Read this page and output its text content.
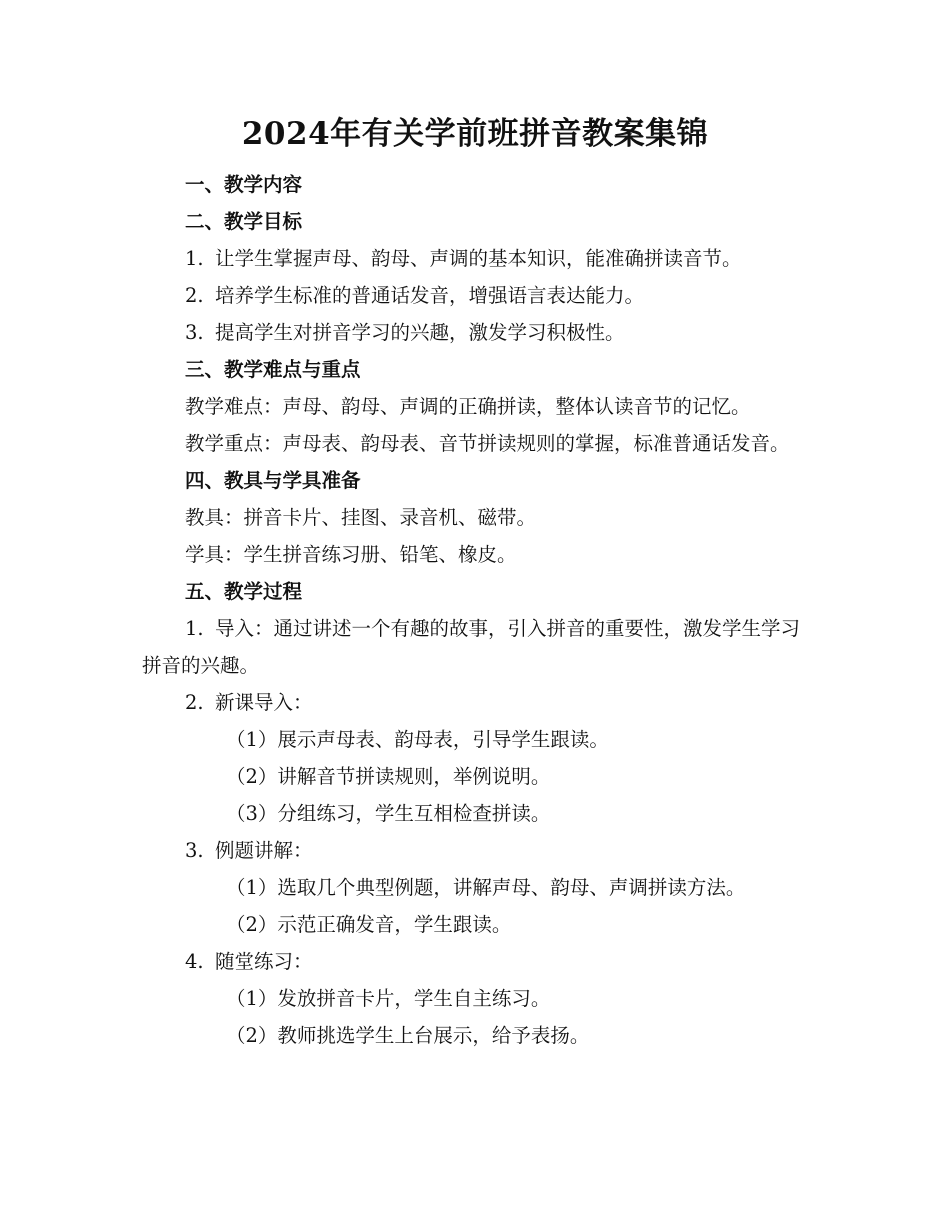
2024年有关学前班拼音教案集锦

一、教学内容

二、教学目标

1. 让学生掌握声母、韵母、声调的基本知识，能准确拼读音节。

2. 培养学生标准的普通话发音，增强语言表达能力。

3. 提高学生对拼音学习的兴趣，激发学习积极性。

三、教学难点与重点

教学难点：声母、韵母、声调的正确拼读，整体认读音节的记忆。

教学重点：声母表、韵母表、音节拼读规则的掌握，标准普通话发音。

四、教具与学具准备

教具：拼音卡片、挂图、录音机、磁带。

学具：学生拼音练习册、铅笔、橡皮。

五、教学过程

1. 导入：通过讲述一个有趣的故事，引入拼音的重要性，激发学生学习拼音的兴趣。

2. 新课导入：

（1）展示声母表、韵母表，引导学生跟读。

（2）讲解音节拼读规则，举例说明。

（3）分组练习，学生互相检查拼读。

3. 例题讲解：

（1）选取几个典型例题，讲解声母、韵母、声调拼读方法。

（2）示范正确发音，学生跟读。

4. 随堂练习：

（1）发放拼音卡片，学生自主练习。

（2）教师挑选学生上台展示，给予表扬。
